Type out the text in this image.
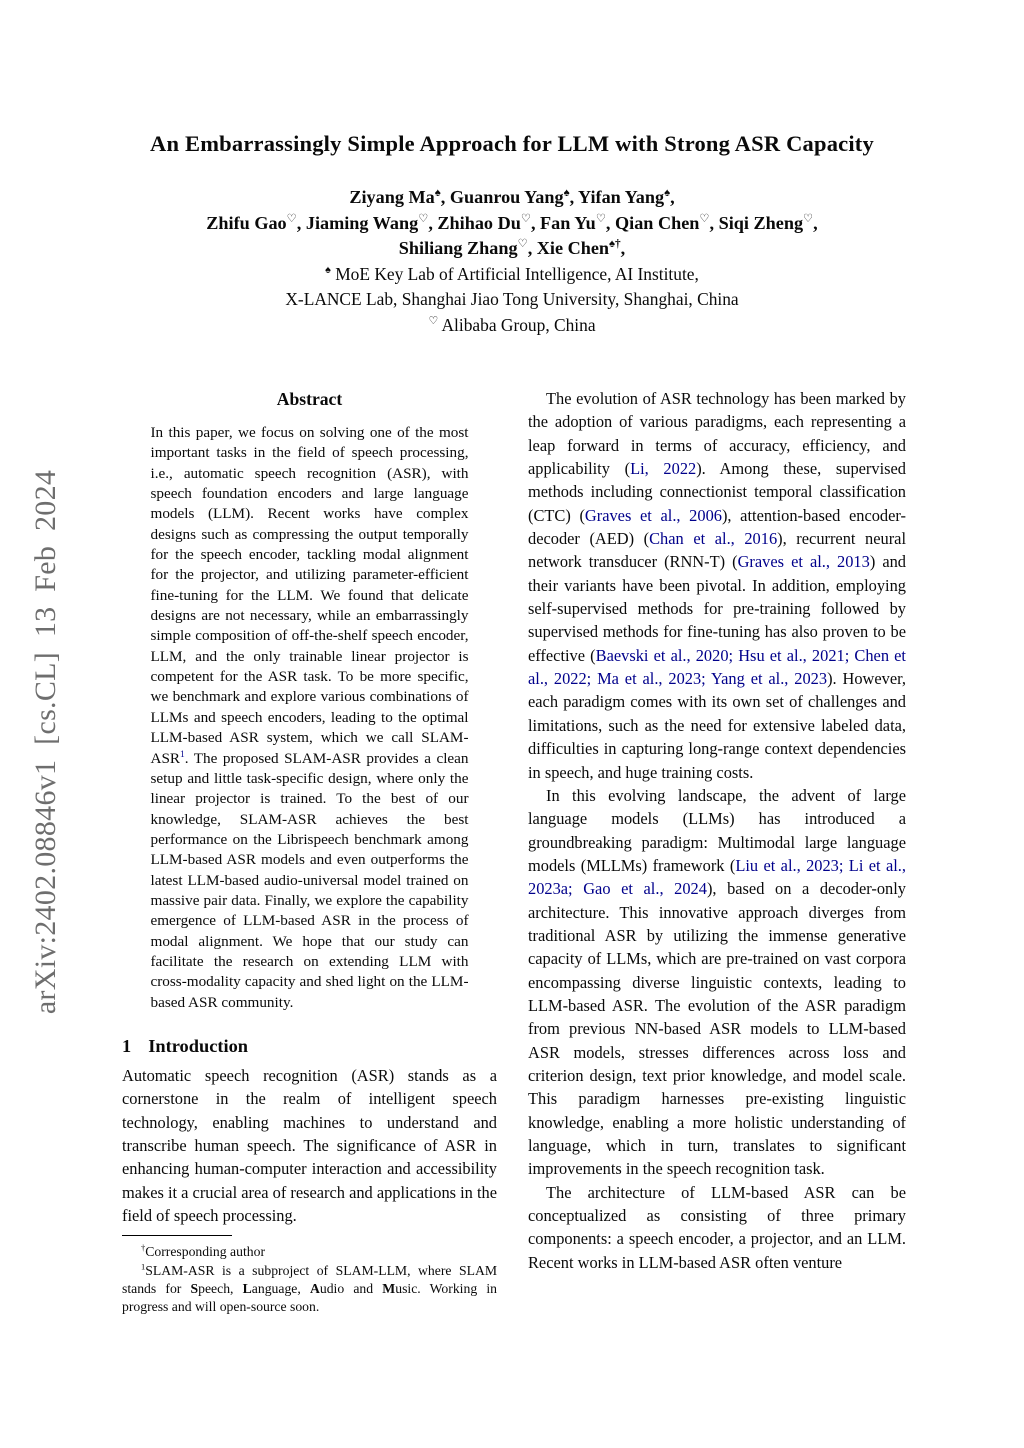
arXiv:2402.08846v1 [cs.CL] 13 Feb 2024
An Embarrassingly Simple Approach for LLM with Strong ASR Capacity
Ziyang Ma♠, Guanrou Yang♠, Yifan Yang♠,
Zhifu Gao♡, Jiaming Wang♡, Zhihao Du♡, Fan Yu♡, Qian Chen♡, Siqi Zheng♡,
Shiliang Zhang♡, Xie Chen♠†,
♠ MoE Key Lab of Artificial Intelligence, AI Institute,
X-LANCE Lab, Shanghai Jiao Tong University, Shanghai, China
♡ Alibaba Group, China
Abstract

In this paper, we focus on solving one of the most important tasks in the field of speech processing, i.e., automatic speech recognition (ASR), with speech foundation encoders and large language models (LLM). Recent works have complex designs such as compressing the output temporally for the speech encoder, tackling modal alignment for the projector, and utilizing parameter-efficient fine-tuning for the LLM. We found that delicate designs are not necessary, while an embarrassingly simple composition of off-the-shelf speech encoder, LLM, and the only trainable linear projector is competent for the ASR task. To be more specific, we benchmark and explore various combinations of LLMs and speech encoders, leading to the optimal LLM-based ASR system, which we call SLAM-ASR$^1$. The proposed SLAM-ASR provides a clean setup and little task-specific design, where only the linear projector is trained. To the best of our knowledge, SLAM-ASR achieves the best performance on the Librispeech benchmark among LLM-based ASR models and even outperforms the latest LLM-based audio-universal model trained on massive pair data. Finally, we explore the capability emergence of LLM-based ASR in the process of modal alignment. We hope that our study can facilitate the research on extending LLM with cross-modality capacity and shed light on the LLM-based ASR community.

1 Introduction

Automatic speech recognition (ASR) stands as a cornerstone in the realm of intelligent speech technology, enabling machines to understand and transcribe human speech. The significance of ASR in enhancing human-computer interaction and accessibility makes it a crucial area of research and applications in the field of speech processing.

†Corresponding author

$^1$SLAM-ASR is a subproject of SLAM-LLM, where SLAM stands for Speech, Language, Audio and Music. Working in progress and will open-source soon.

The evolution of ASR technology has been marked by the adoption of various paradigms, each representing a leap forward in terms of accuracy, efficiency, and applicability (Li, 2022). Among these, supervised methods including connectionist temporal classification (CTC) (Graves et al., 2006), attention-based encoder-decoder (AED) (Chan et al., 2016), recurrent neural network transducer (RNN-T) (Graves et al., 2013) and their variants have been pivotal. In addition, employing self-supervised methods for pre-training followed by supervised methods for fine-tuning has also proven to be effective (Baevski et al., 2020; Hsu et al., 2021; Chen et al., 2022; Ma et al., 2023; Yang et al., 2023). However, each paradigm comes with its own set of challenges and limitations, such as the need for extensive labeled data, difficulties in capturing long-range context dependencies in speech, and huge training costs.

In this evolving landscape, the advent of large language models (LLMs) has introduced a groundbreaking paradigm: Multimodal large language models (MLLMs) framework (Liu et al., 2023; Li et al., 2023a; Gao et al., 2024), based on a decoder-only architecture. This innovative approach diverges from traditional ASR by utilizing the immense generative capacity of LLMs, which are pre-trained on vast corpora encompassing diverse linguistic contexts, leading to LLM-based ASR. The evolution of the ASR paradigm from previous NN-based ASR models to LLM-based ASR models, stresses differences across loss and criterion design, text prior knowledge, and model scale. This paradigm harnesses pre-existing linguistic knowledge, enabling a more holistic understanding of language, which in turn, translates to significant improvements in the speech recognition task.

The architecture of LLM-based ASR can be conceptualized as consisting of three primary components: a speech encoder, a projector, and an LLM. Recent works in LLM-based ASR often venture
